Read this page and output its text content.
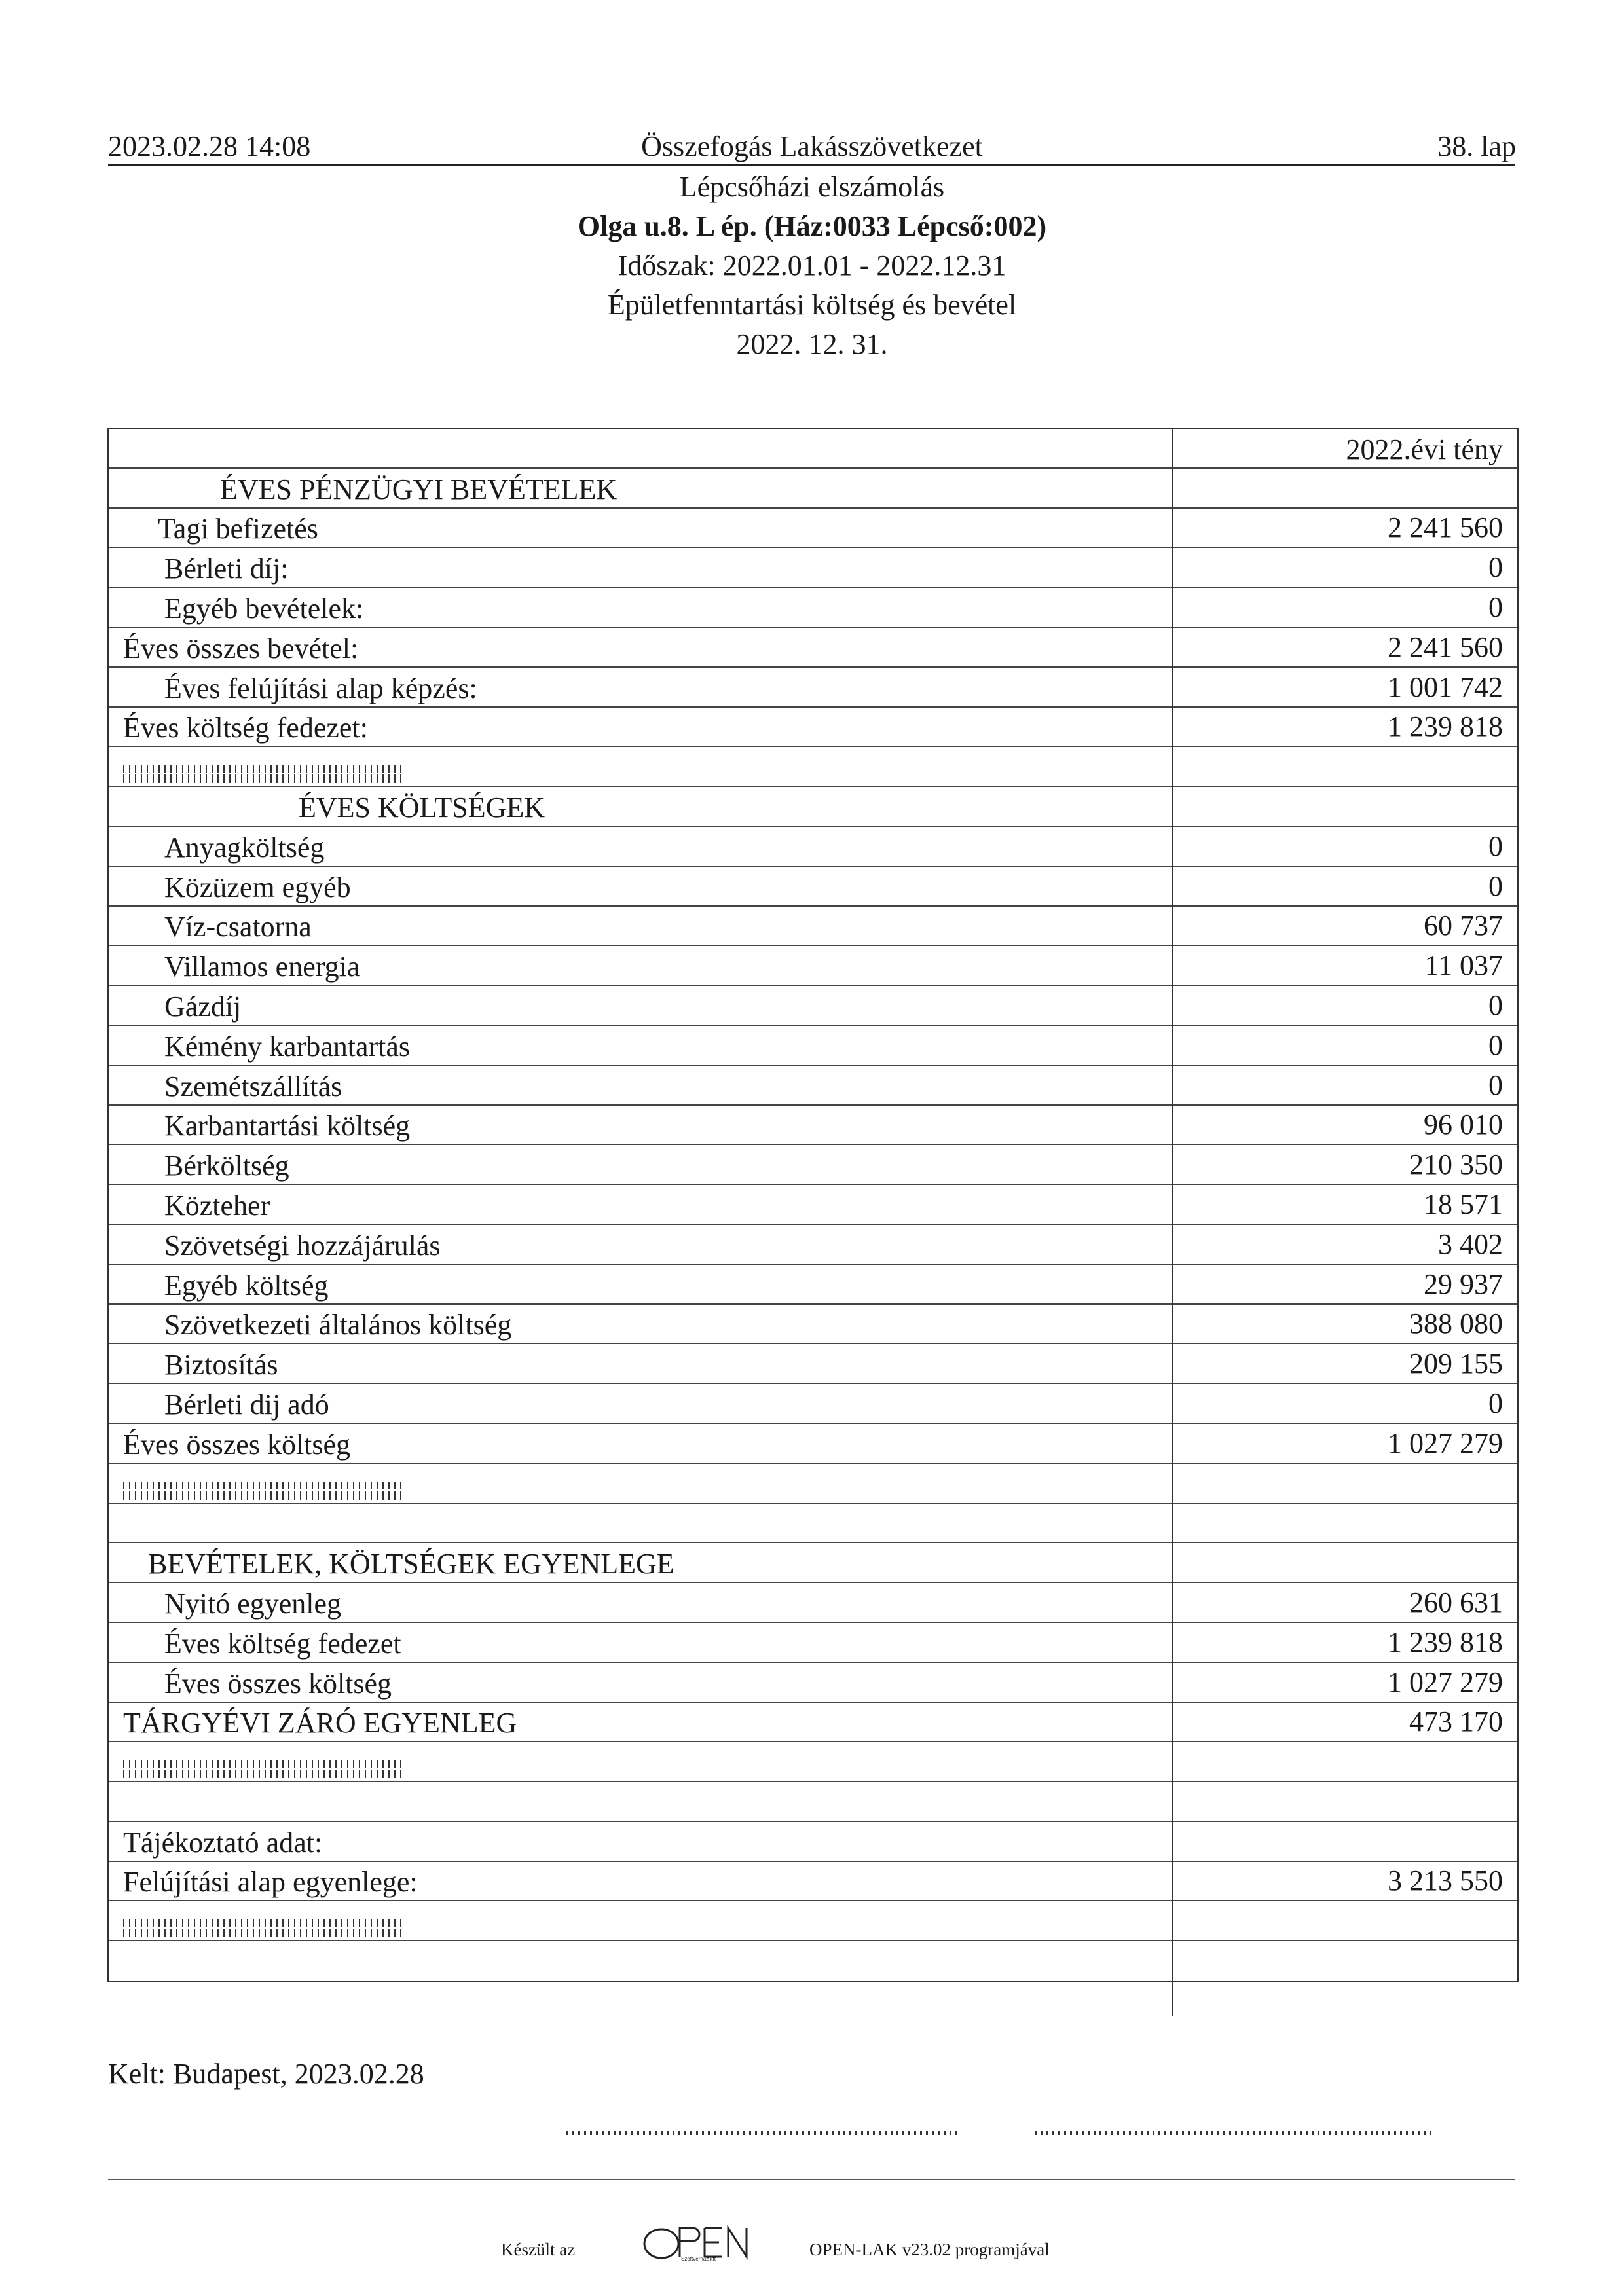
2023.02.28 14:08	Összefogás Lakásszövetkezet	38. lap
Lépcsőházi elszámolás
Olga u.8. L ép. (Ház:0033 Lépcső:002)
Időszak: 2022.01.01 - 2022.12.31
Épületfenntartási költség és bevétel
2022. 12. 31.
2022.évi tény
ÉVES PÉNZÜGYI BEVÉTELEK
Tagi befizetés	2 241 560
Bérleti díj:	0
Egyéb bevételek:	0
Éves összes bevétel:	2 241 560
Éves felújítási alap képzés:	1 001 742
Éves költség fedezet:	1 239 818
ÉVES KÖLTSÉGEK
Anyagköltség	0
Közüzem egyéb	0
Víz-csatorna	60 737
Villamos energia	11 037
Gázdíj	0
Kémény karbantartás	0
Szemétszállítás	0
Karbantartási költség	96 010
Bérköltség	210 350
Közteher	18 571
Szövetségi hozzájárulás	3 402
Egyéb költség	29 937
Szövetkezeti általános költség	388 080
Biztosítás	209 155
Bérleti dij adó	0
Éves összes költség	1 027 279
BEVÉTELEK, KÖLTSÉGEK EGYENLEGE
Nyitó egyenleg	260 631
Éves költség fedezet	1 239 818
Éves összes költség	1 027 279
TÁRGYÉVI ZÁRÓ EGYENLEG	473 170
Tájékoztató adat:
Felújítási alap egyenlege:	3 213 550
Kelt: Budapest, 2023.02.28
Készült az	Szoftverház kft	OPEN-LAK v23.02 programjával
